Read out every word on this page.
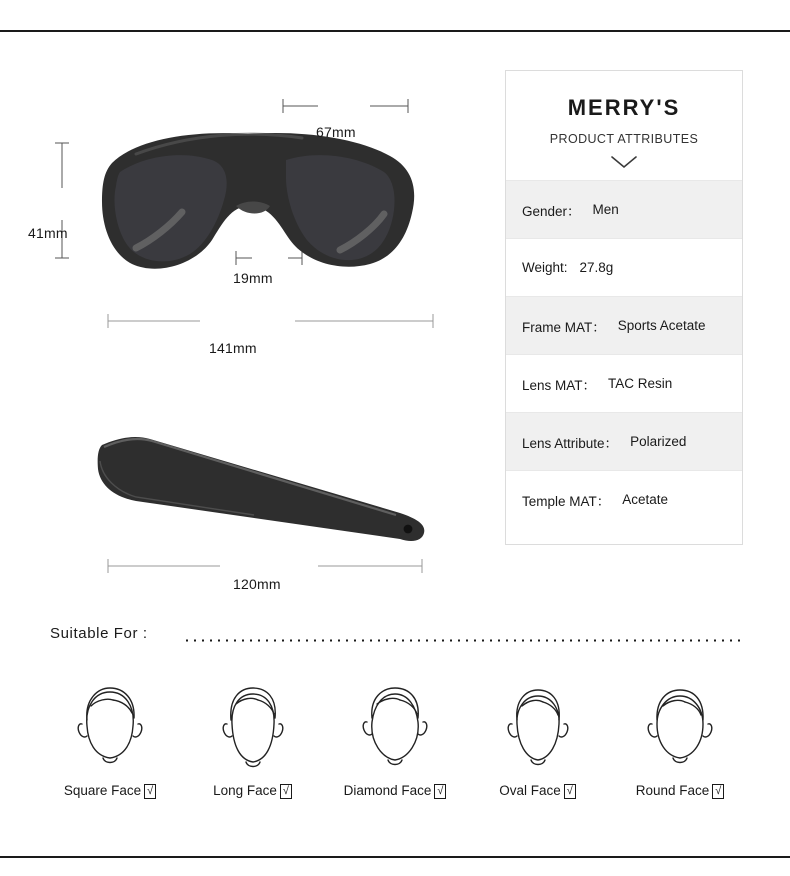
67mm
41mm
19mm
141mm
120mm
MERRY'S
PRODUCT ATTRIBUTES
Gender： Men
Weight: 27.8g
Frame MAT： Sports Acetate
Lens MAT： TAC Resin
Lens Attribute： Polarized
Temple MAT： Acetate
Suitable For :
Square Face √	Long Face √	Diamond Face √	Oval Face √	Round Face √
